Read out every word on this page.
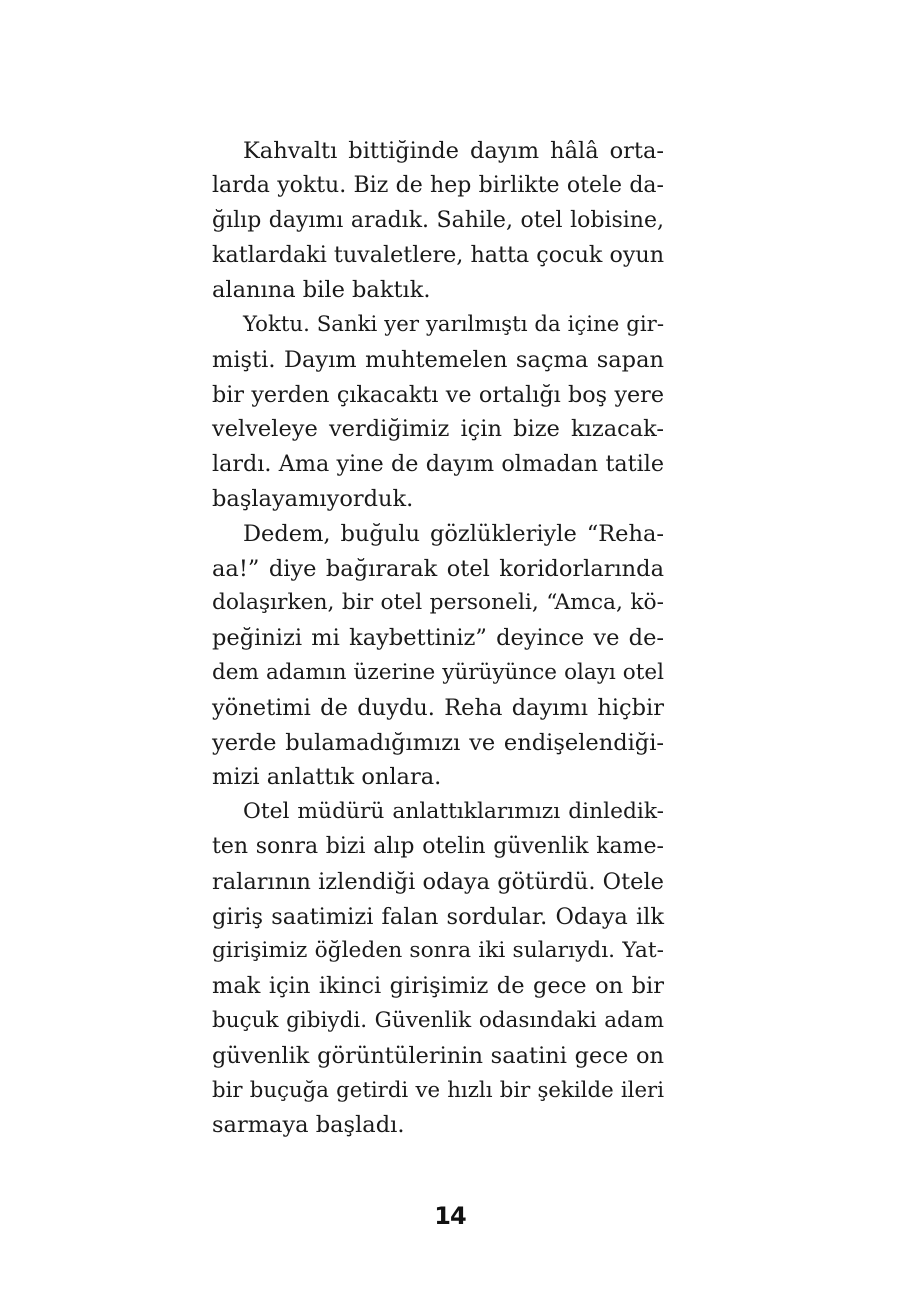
Kahvaltı bittiğinde dayım hâlâ orta-
larda yoktu. Biz de hep birlikte otele da-
ğılıp dayımı aradık. Sahile, otel lobisine,
katlardaki tuvaletlere, hatta çocuk oyun
alanına bile baktık.
Yoktu. Sanki yer yarılmıştı da içine gir-
mişti. Dayım muhtemelen saçma sapan
bir yerden çıkacaktı ve ortalığı boş yere
velveleye verdiğimiz için bize kızacak-
lardı. Ama yine de dayım olmadan tatile
başlayamıyorduk.
Dedem, buğulu gözlükleriyle “Reha-
aa!” diye bağırarak otel koridorlarında
dolaşırken, bir otel personeli, “Amca, kö-
peğinizi mi kaybettiniz” deyince ve de-
dem adamın üzerine yürüyünce olayı otel
yönetimi de duydu. Reha dayımı hiçbir
yerde bulamadığımızı ve endişelendiği-
mizi anlattık onlara.
Otel müdürü anlattıklarımızı dinledik-
ten sonra bizi alıp otelin güvenlik kame-
ralarının izlendiği odaya götürdü. Otele
giriş saatimizi falan sordular. Odaya ilk
girişimiz öğleden sonra iki sularıydı. Yat-
mak için ikinci girişimiz de gece on bir
buçuk gibiydi. Güvenlik odasındaki adam
güvenlik görüntülerinin saatini gece on
bir buçuğa getirdi ve hızlı bir şekilde ileri
sarmaya başladı.
14
